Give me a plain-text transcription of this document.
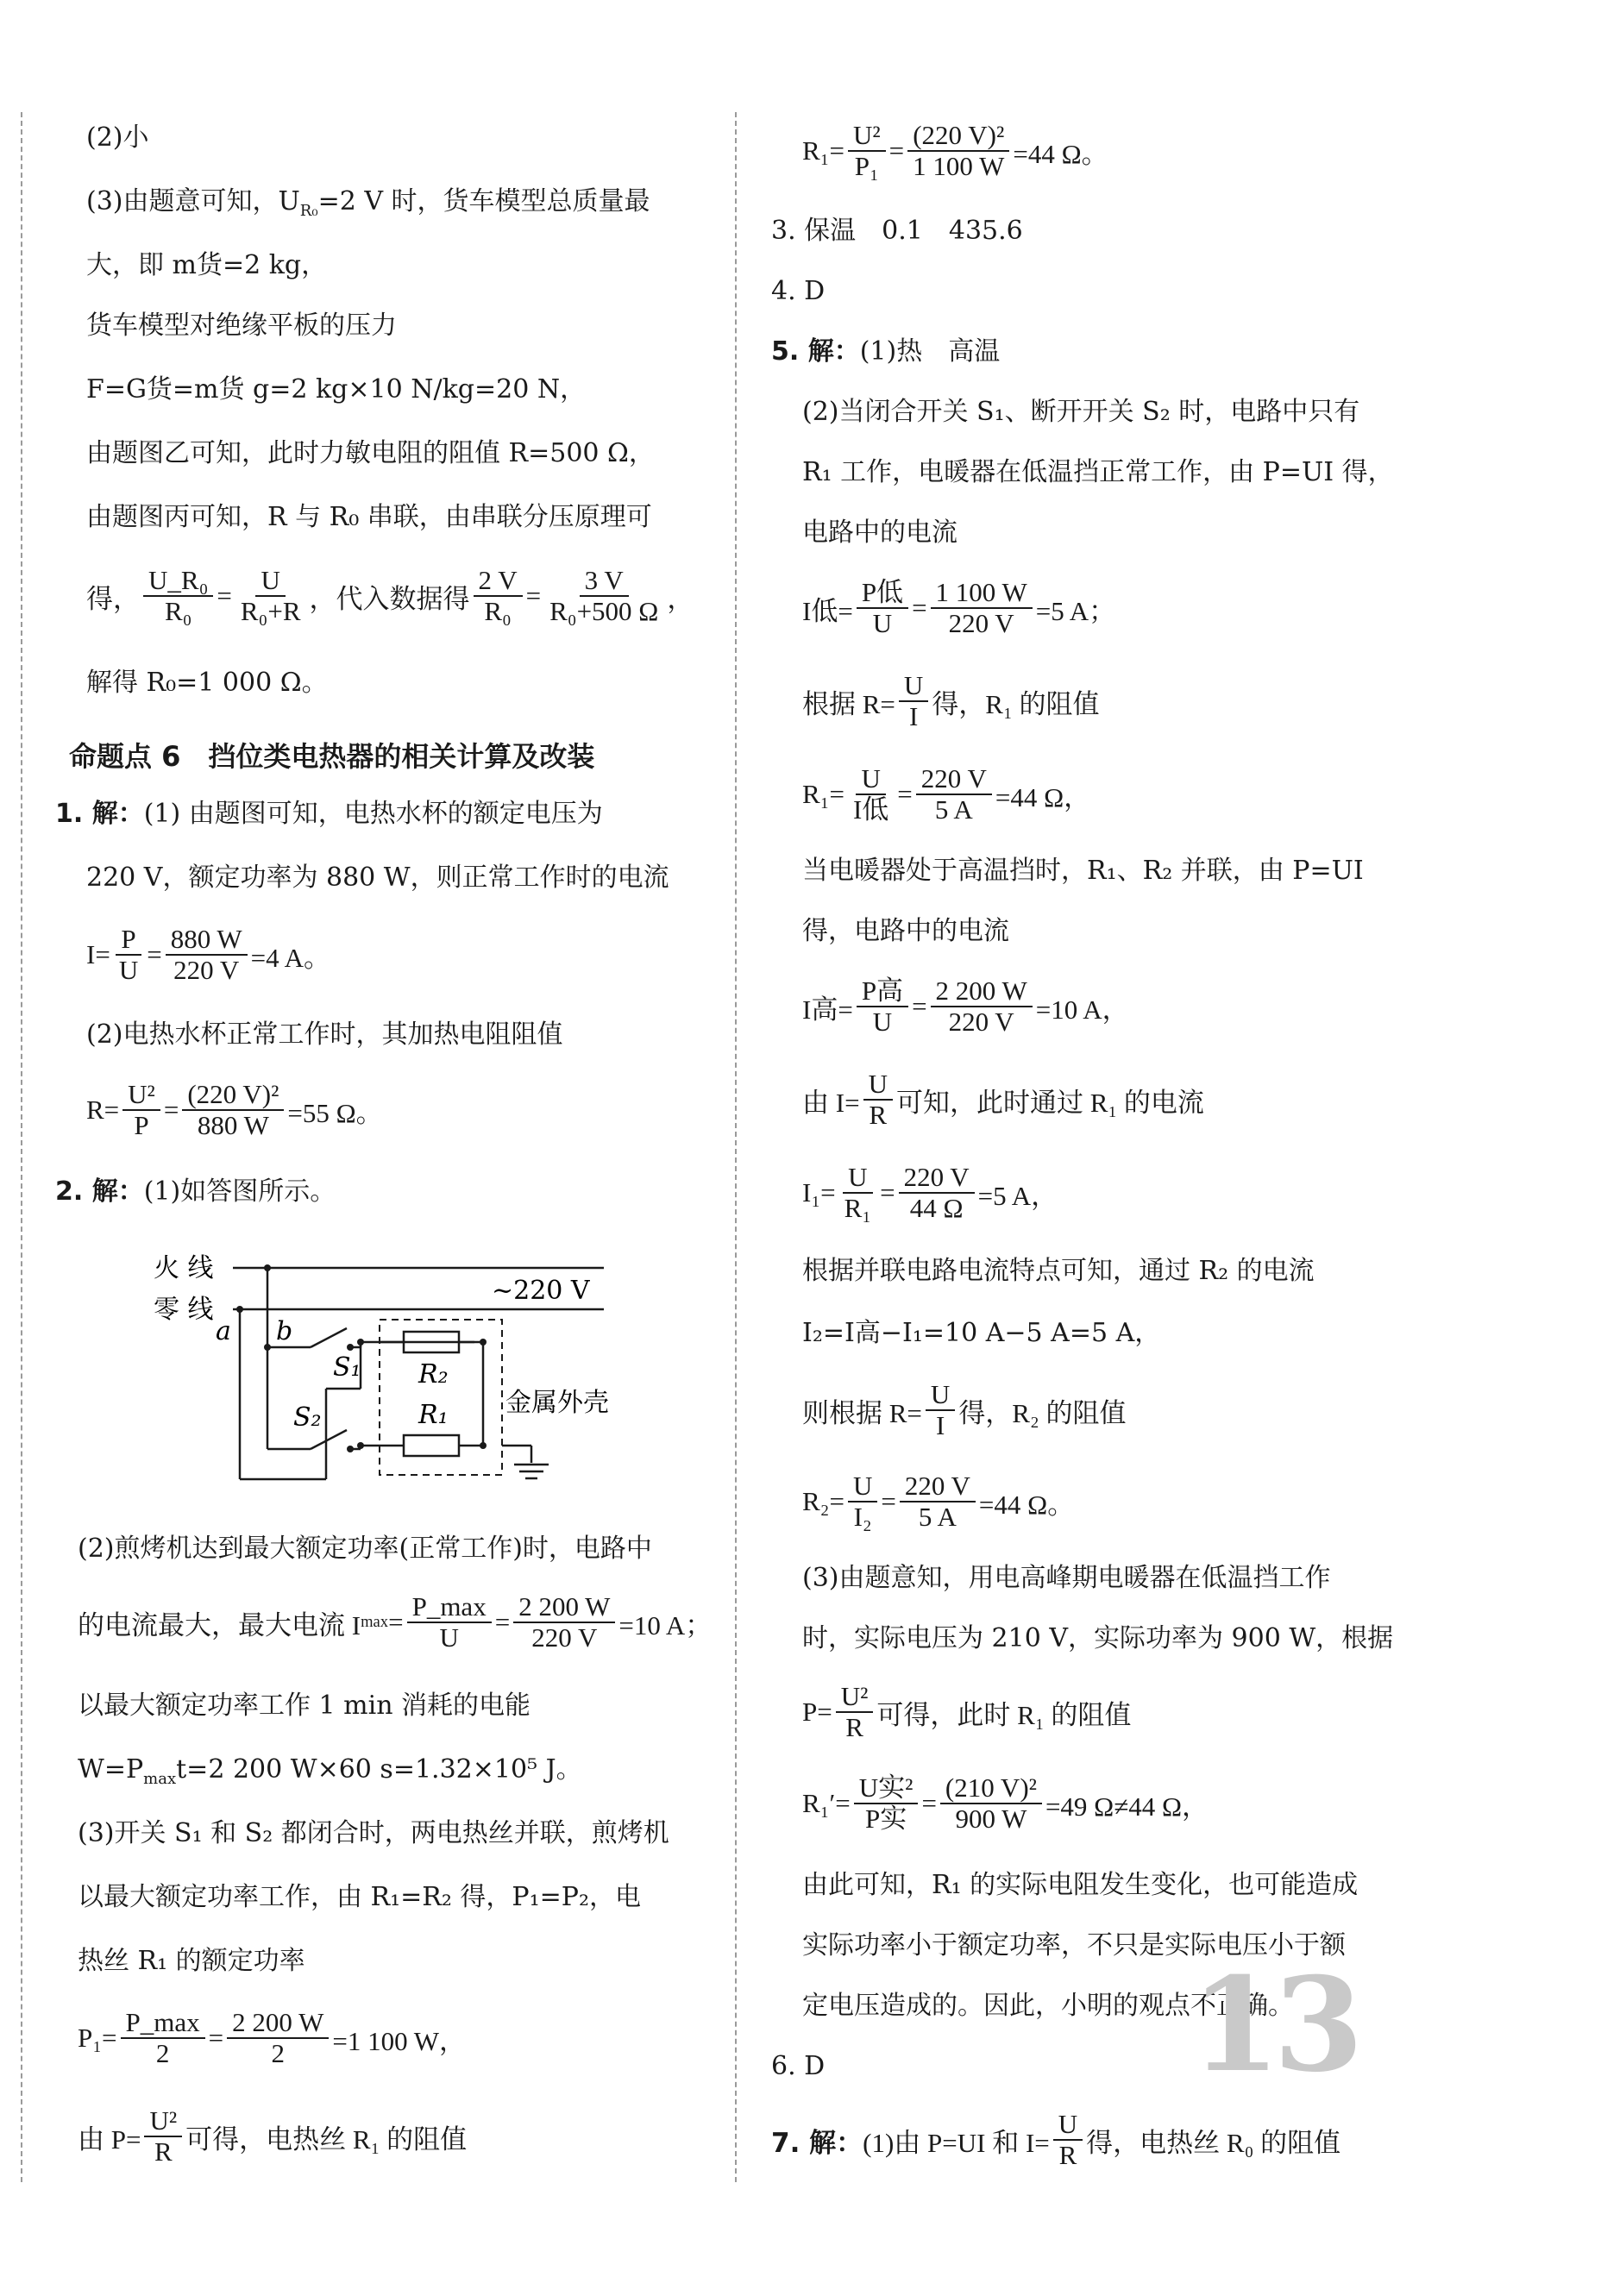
(2)小
(3)由题意可知，$U_{R_0}=2$ V 时，货车模型总质量最
大，即 m货=2 kg，
货车模型对绝缘平板的压力
F=G货=m货 g=2 kg×10 N/kg=20 N，
由题图乙可知，此时力敏电阻的阻值 R=500 Ω，
由题图丙可知，R 与 R₀ 串联，由串联分压原理可
得， $\frac{\text{U\_R₀}}{\text{R₀}} = \frac{U}{\text{R₀+R}}$ ，代入数据得 $\frac{2 V}{\text{R₀}} = \frac{3 V}{\text{R₀+500 Ω}}$ ，
解得 R₀=1 000 Ω。
命题点 6　挡位类电热器的相关计算及改装
1. 解：(1) 由题图可知，电热水杯的额定电压为
220 V，额定功率为 880 W，则正常工作时的电流
$I= \frac{P}{U} = \frac{880 W}{220 V} =4$ A。
(2)电热水杯正常工作时，其加热电阻阻值
$R= \frac{\text{U²}}{P} = \frac{\text{(220 V)²}}{880 W} =55$ Ω。
2. 解：(1)如答图所示。
火 线
零 线
~220 V
a b
S₁ R₂
S₂	R₁ 金属外壳
(2)煎烤机达到最大额定功率(正常工作)时，电路中
的电流最大，最大电流 I $\max = \frac{P\_\max}{U} = \frac{2 200 W}{220 V} =10$ A；
以最大额定功率工作 1 min 消耗的电能
$W=P_{max}t=2$ 200 W×60 s=1.32×10⁵ J。
(3)开关 S₁ 和 S₂ 都闭合时，两电热丝并联，煎烤机
以最大额定功率工作，由 R₁=R₂ 得，P₁=P₂，电
热丝 R₁ 的额定功率
$P_1= \frac{P\_\max}{2} = \frac{2 200 W}{2} =1$ 100 W，
由 $P= \frac{\text{U²}}{R}$ 可得，电热丝 R₁ 的阻值
$R_1= \frac{\text{U²}}{\text{P₁}} = \frac{\text{(220 V)²}}{1 100 W} =44$ Ω。
3. 保温　0.1　435.6
4. D
5. 解：(1)热　高温
(2)当闭合开关 S₁、断开开关 S₂ 时，电路中只有
R₁ 工作，电暖器在低温挡正常工作，由 P=UI 得，
电路中的电流
I低= $\frac{\text{P低}}{U} = \frac{1 100 W}{220 V} =5$ A；
根据 $R= \frac{U}{I}$ 得，R₁ 的阻值
$R_1= \frac{U}{\text{I低}} = \frac{220 V}{5 A} =44$ Ω，
当电暖器处于高温挡时，R₁、R₂ 并联，由 P=UI
得，电路中的电流
I高= $\frac{\text{P高}}{U} = \frac{2 200 W}{220 V} =10$ A，
由 $I= \frac{U}{R}$ 可知，此时通过 R₁ 的电流
$I_1= \frac{U}{\text{R₁}} = \frac{220 V}{44 \Omega} =5$ A，
根据并联电路电流特点可知，通过 R₂ 的电流
I₂=I高−I₁=10 A−5 A=5 A，
则根据 $R= \frac{U}{I}$ 得，R₂ 的阻值
$R_2= \frac{U}{\text{I₂}} = \frac{220 V}{5 A} =44$ Ω。
(3)由题意知，用电高峰期电暖器在低温挡工作
时，实际电压为 210 V，实际功率为 900 W，根据
$P= \frac{\text{U²}}{R}$ 可得，此时 R₁ 的阻值
$R_1'= \frac{\text{U实²}}{\text{P实}} = \frac{\text{(210 V)²}}{900 W} =49$ Ω≠44 Ω，
由此可知，R₁ 的实际电阻发生变化，也可能造成
实际功率小于额定功率，不只是实际电压小于额
定电压造成的。因此，小明的观点不正确。
6. D
7. 解： (1)由 P=UI 和 $I= \frac{U}{R}$ 得，电热丝 R₀ 的阻值
13
